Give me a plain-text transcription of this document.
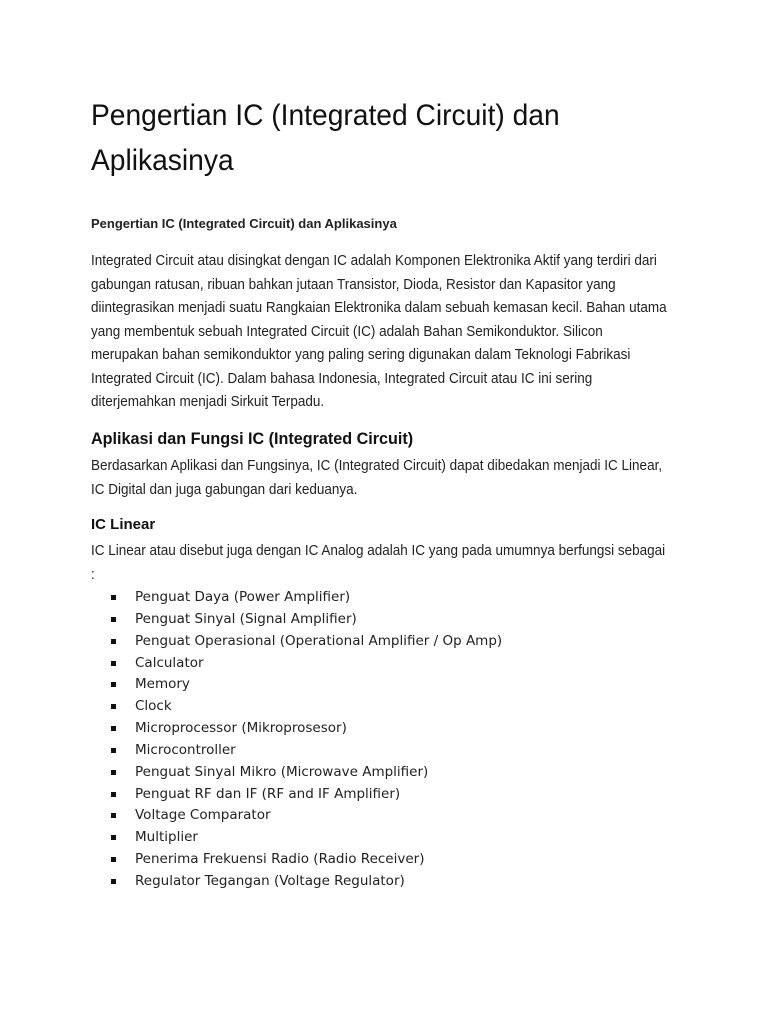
Pengertian IC (Integrated Circuit) dan Aplikasinya

Pengertian IC (Integrated Circuit) dan Aplikasinya

Integrated Circuit atau disingkat dengan IC adalah Komponen Elektronika Aktif yang terdiri dari gabungan ratusan, ribuan bahkan jutaan Transistor, Dioda, Resistor dan Kapasitor yang diintegrasikan menjadi suatu Rangkaian Elektronika dalam sebuah kemasan kecil. Bahan utama yang membentuk sebuah Integrated Circuit (IC) adalah Bahan Semikonduktor. Silicon merupakan bahan semikonduktor yang paling sering digunakan dalam Teknologi Fabrikasi Integrated Circuit (IC). Dalam bahasa Indonesia, Integrated Circuit atau IC ini sering diterjemahkan menjadi Sirkuit Terpadu.

Aplikasi dan Fungsi IC (Integrated Circuit)

Berdasarkan Aplikasi dan Fungsinya, IC (Integrated Circuit) dapat dibedakan menjadi IC Linear, IC Digital dan juga gabungan dari keduanya.

IC Linear

IC Linear atau disebut juga dengan IC Analog adalah IC yang pada umumnya berfungsi sebagai :

Penguat Daya (Power Amplifier)
Penguat Sinyal (Signal Amplifier)
Penguat Operasional (Operational Amplifier / Op Amp)
Calculator
Memory
Clock
Microprocessor (Mikroprosesor)
Microcontroller
Penguat Sinyal Mikro (Microwave Amplifier)
Penguat RF dan IF (RF and IF Amplifier)
Voltage Comparator
Multiplier
Penerima Frekuensi Radio (Radio Receiver)
Regulator Tegangan (Voltage Regulator)
